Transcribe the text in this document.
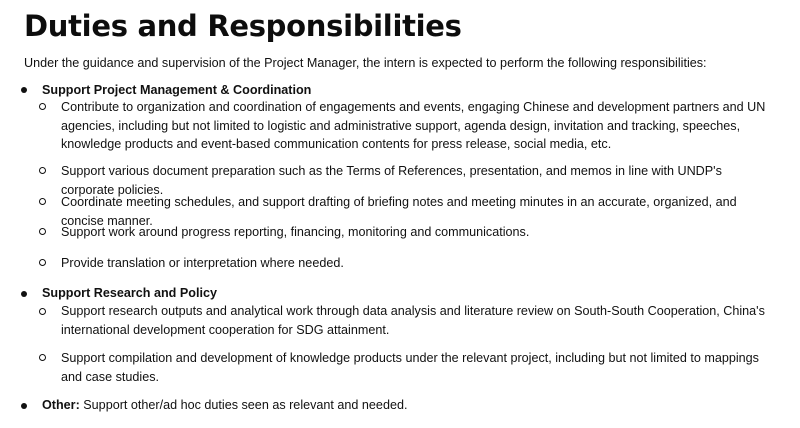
Duties and Responsibilities

Under the guidance and supervision of the Project Manager, the intern is expected to perform the following responsibilities:

Support Project Management & Coordination

Contribute to organization and coordination of engagements and events, engaging Chinese and development partners and UN agencies, including but not limited to logistic and administrative support, agenda design, invitation and tracking, speeches, knowledge products and event-based communication contents for press release, social media, etc.

Support various document preparation such as the Terms of References, presentation, and memos in line with UNDP's corporate policies.

Coordinate meeting schedules, and support drafting of briefing notes and meeting minutes in an accurate, organized, and concise manner.

Support work around progress reporting, financing, monitoring and communications.

Provide translation or interpretation where needed.

Support Research and Policy

Support research outputs and analytical work through data analysis and literature review on South-South Cooperation, China's international development cooperation for SDG attainment.

Support compilation and development of knowledge products under the relevant project, including but not limited to mappings and case studies.

Other: Support other/ad hoc duties seen as relevant and needed.
